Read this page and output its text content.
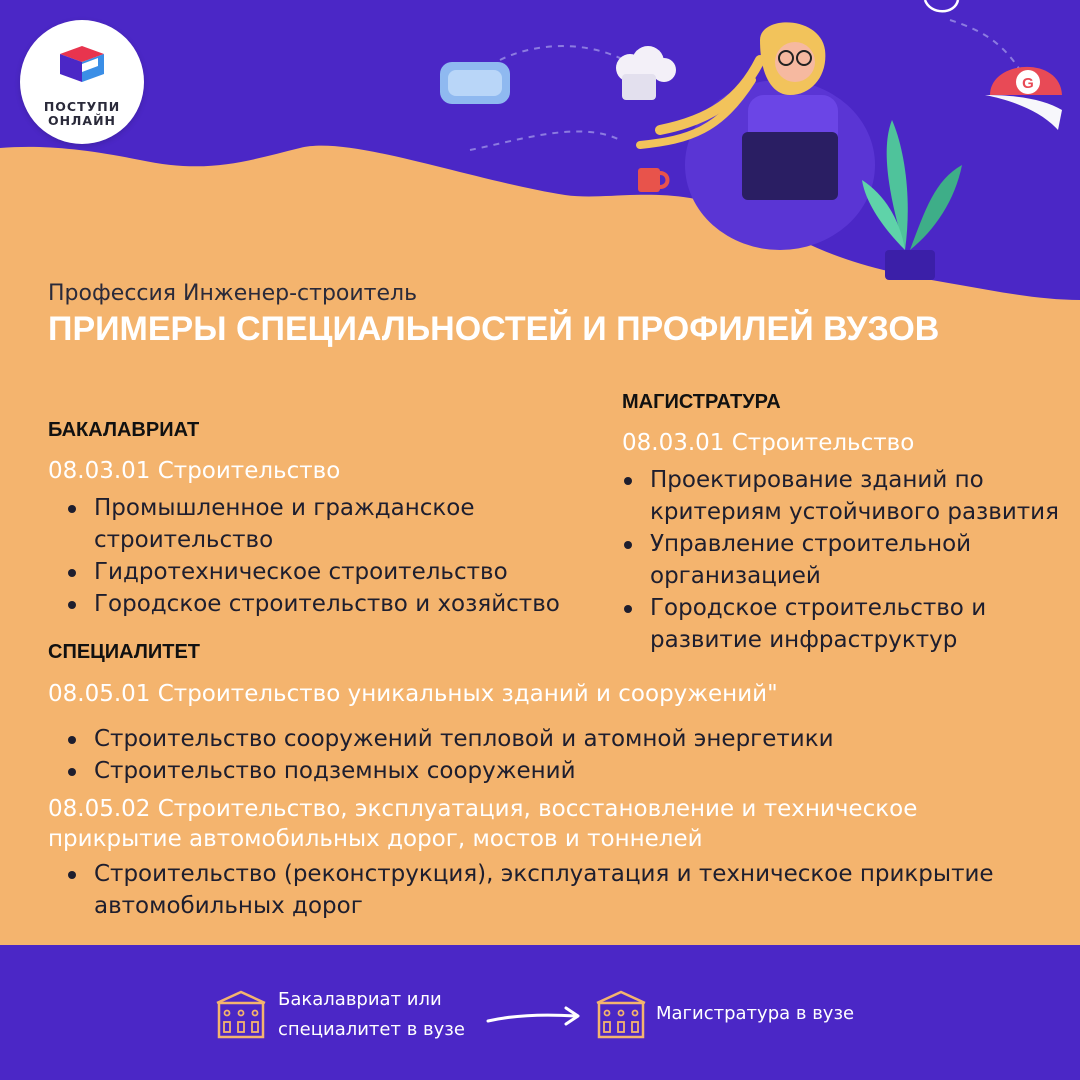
G
ПОСТУПИ
ОНЛАЙН
Профессия Инженер-строитель
ПРИМЕРЫ СПЕЦИАЛЬНОСТЕЙ И ПРОФИЛЕЙ ВУЗОВ
БАКАЛАВРИАТ
08.03.01 Строительство
Промышленное и гражданское строительство
Гидротехническое строительство
Городское строительство и хозяйство
МАГИСТРАТУРА
08.03.01 Строительство
Проектирование зданий по критериям устойчивого развития
Управление строительной организацией
Городское строительство и развитие инфраструктур
СПЕЦИАЛИТЕТ
08.05.01 Строительство уникальных зданий и сооружений"
Строительство сооружений тепловой и атомной энергетики
Строительство подземных сооружений
08.05.02 Строительство, эксплуатация, восстановление и техническое прикрытие автомобильных дорог, мостов и тоннелей
Строительство (реконструкция), эксплуатация и техническое прикрытие автомобильных дорог
Бакалавриат или специалитет в вузе
Магистратура в вузе
